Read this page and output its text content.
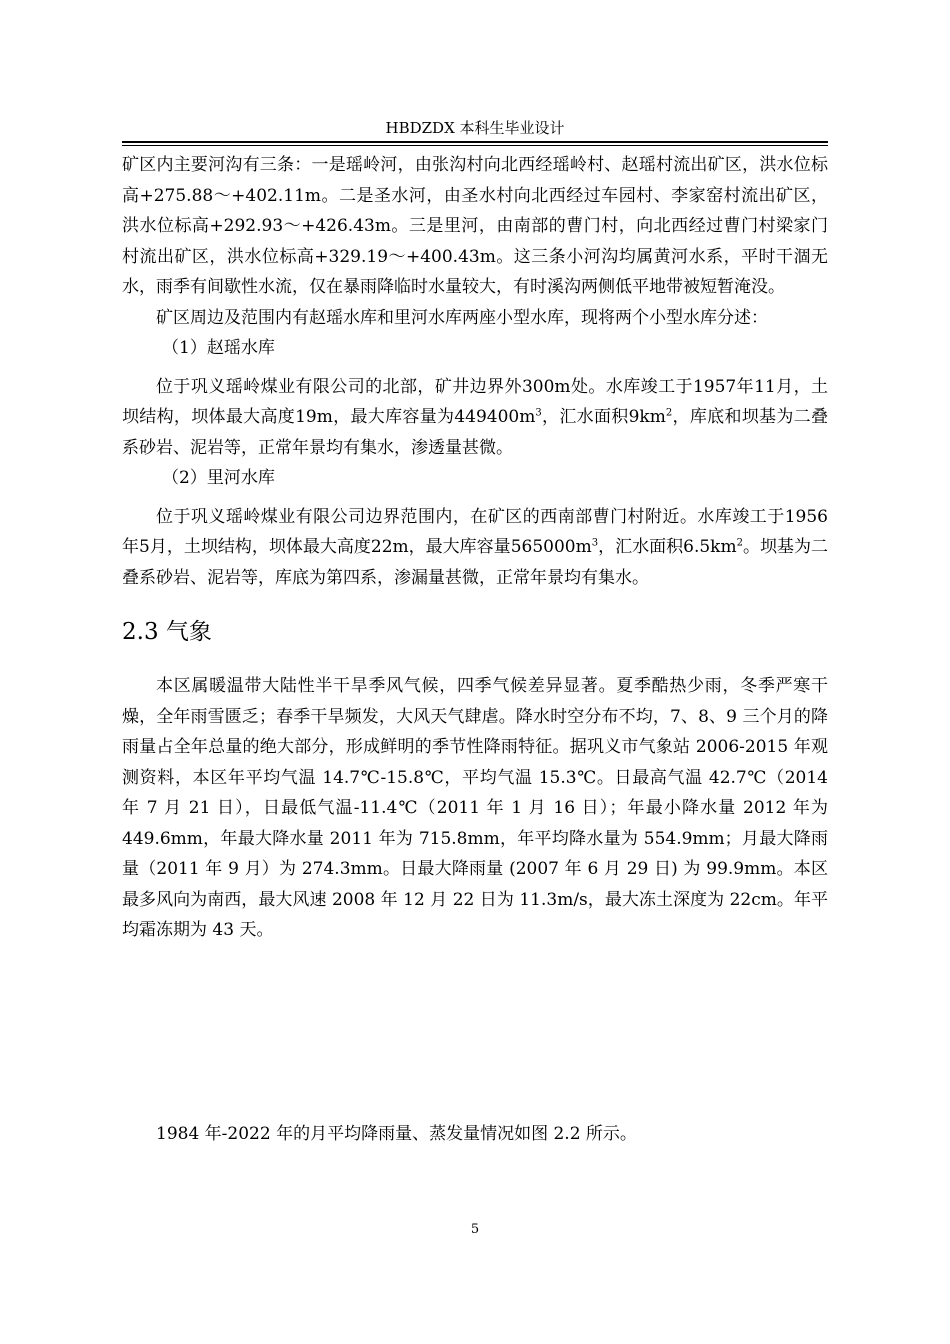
HBDZDX 本科生毕业设计

矿区内主要河沟有三条：一是瑶岭河，由张沟村向北西经瑶岭村、赵瑶村流出矿区，洪水位标高+275.88～+402.11m。二是圣水河，由圣水村向北西经过车园村、李家窑村流出矿区，洪水位标高+292.93～+426.43m。三是里河，由南部的曹门村，向北西经过曹门村梁家门村流出矿区，洪水位标高+329.19～+400.43m。这三条小河沟均属黄河水系，平时干涸无水，雨季有间歇性水流，仅在暴雨降临时水量较大，有时溪沟两侧低平地带被短暂淹没。

矿区周边及范围内有赵瑶水库和里河水库两座小型水库，现将两个小型水库分述：

（1）赵瑶水库

位于巩义瑶岭煤业有限公司的北部，矿井边界外300m处。水库竣工于1957年11月，土坝结构，坝体最大高度19m，最大库容量为$449400m^3$，汇水面积$9km^2$，库底和坝基为二叠系砂岩、泥岩等，正常年景均有集水，渗透量甚微。

（2）里河水库

位于巩义瑶岭煤业有限公司边界范围内，在矿区的西南部曹门村附近。水库竣工于1956年5月，土坝结构，坝体最大高度22m，最大库容量$565000m^3$，汇水面积$6.5km^2$。坝基为二叠系砂岩、泥岩等，库底为第四系，渗漏量甚微，正常年景均有集水。

2.3 气象

本区属暖温带大陆性半干旱季风气候，四季气候差异显著。夏季酷热少雨，冬季严寒干燥，全年雨雪匮乏；春季干旱频发，大风天气肆虐。降水时空分布不均，7、8、9 三个月的降雨量占全年总量的绝大部分，形成鲜明的季节性降雨特征。据巩义市气象站 2006-2015 年观测资料，本区年平均气温 14.7℃-15.8℃，平均气温 15.3℃。日最高气温 42.7℃（2014 年 7 月 21 日），日最低气温-11.4℃（2011 年 1 月 16 日）；年最小降水量 2012 年为 449.6mm，年最大降水量 2011 年为 715.8mm，年平均降水量为 554.9mm；月最大降雨量（2011 年 9 月）为 274.3mm。日最大降雨量 (2007 年 6 月 29 日) 为 99.9mm。本区最多风向为南西，最大风速 2008 年 12 月 22 日为 11.3m/s，最大冻土深度为 22cm。年平均霜冻期为 43 天。

1984 年-2022 年的月平均降雨量、蒸发量情况如图 2.2 所示。
5
